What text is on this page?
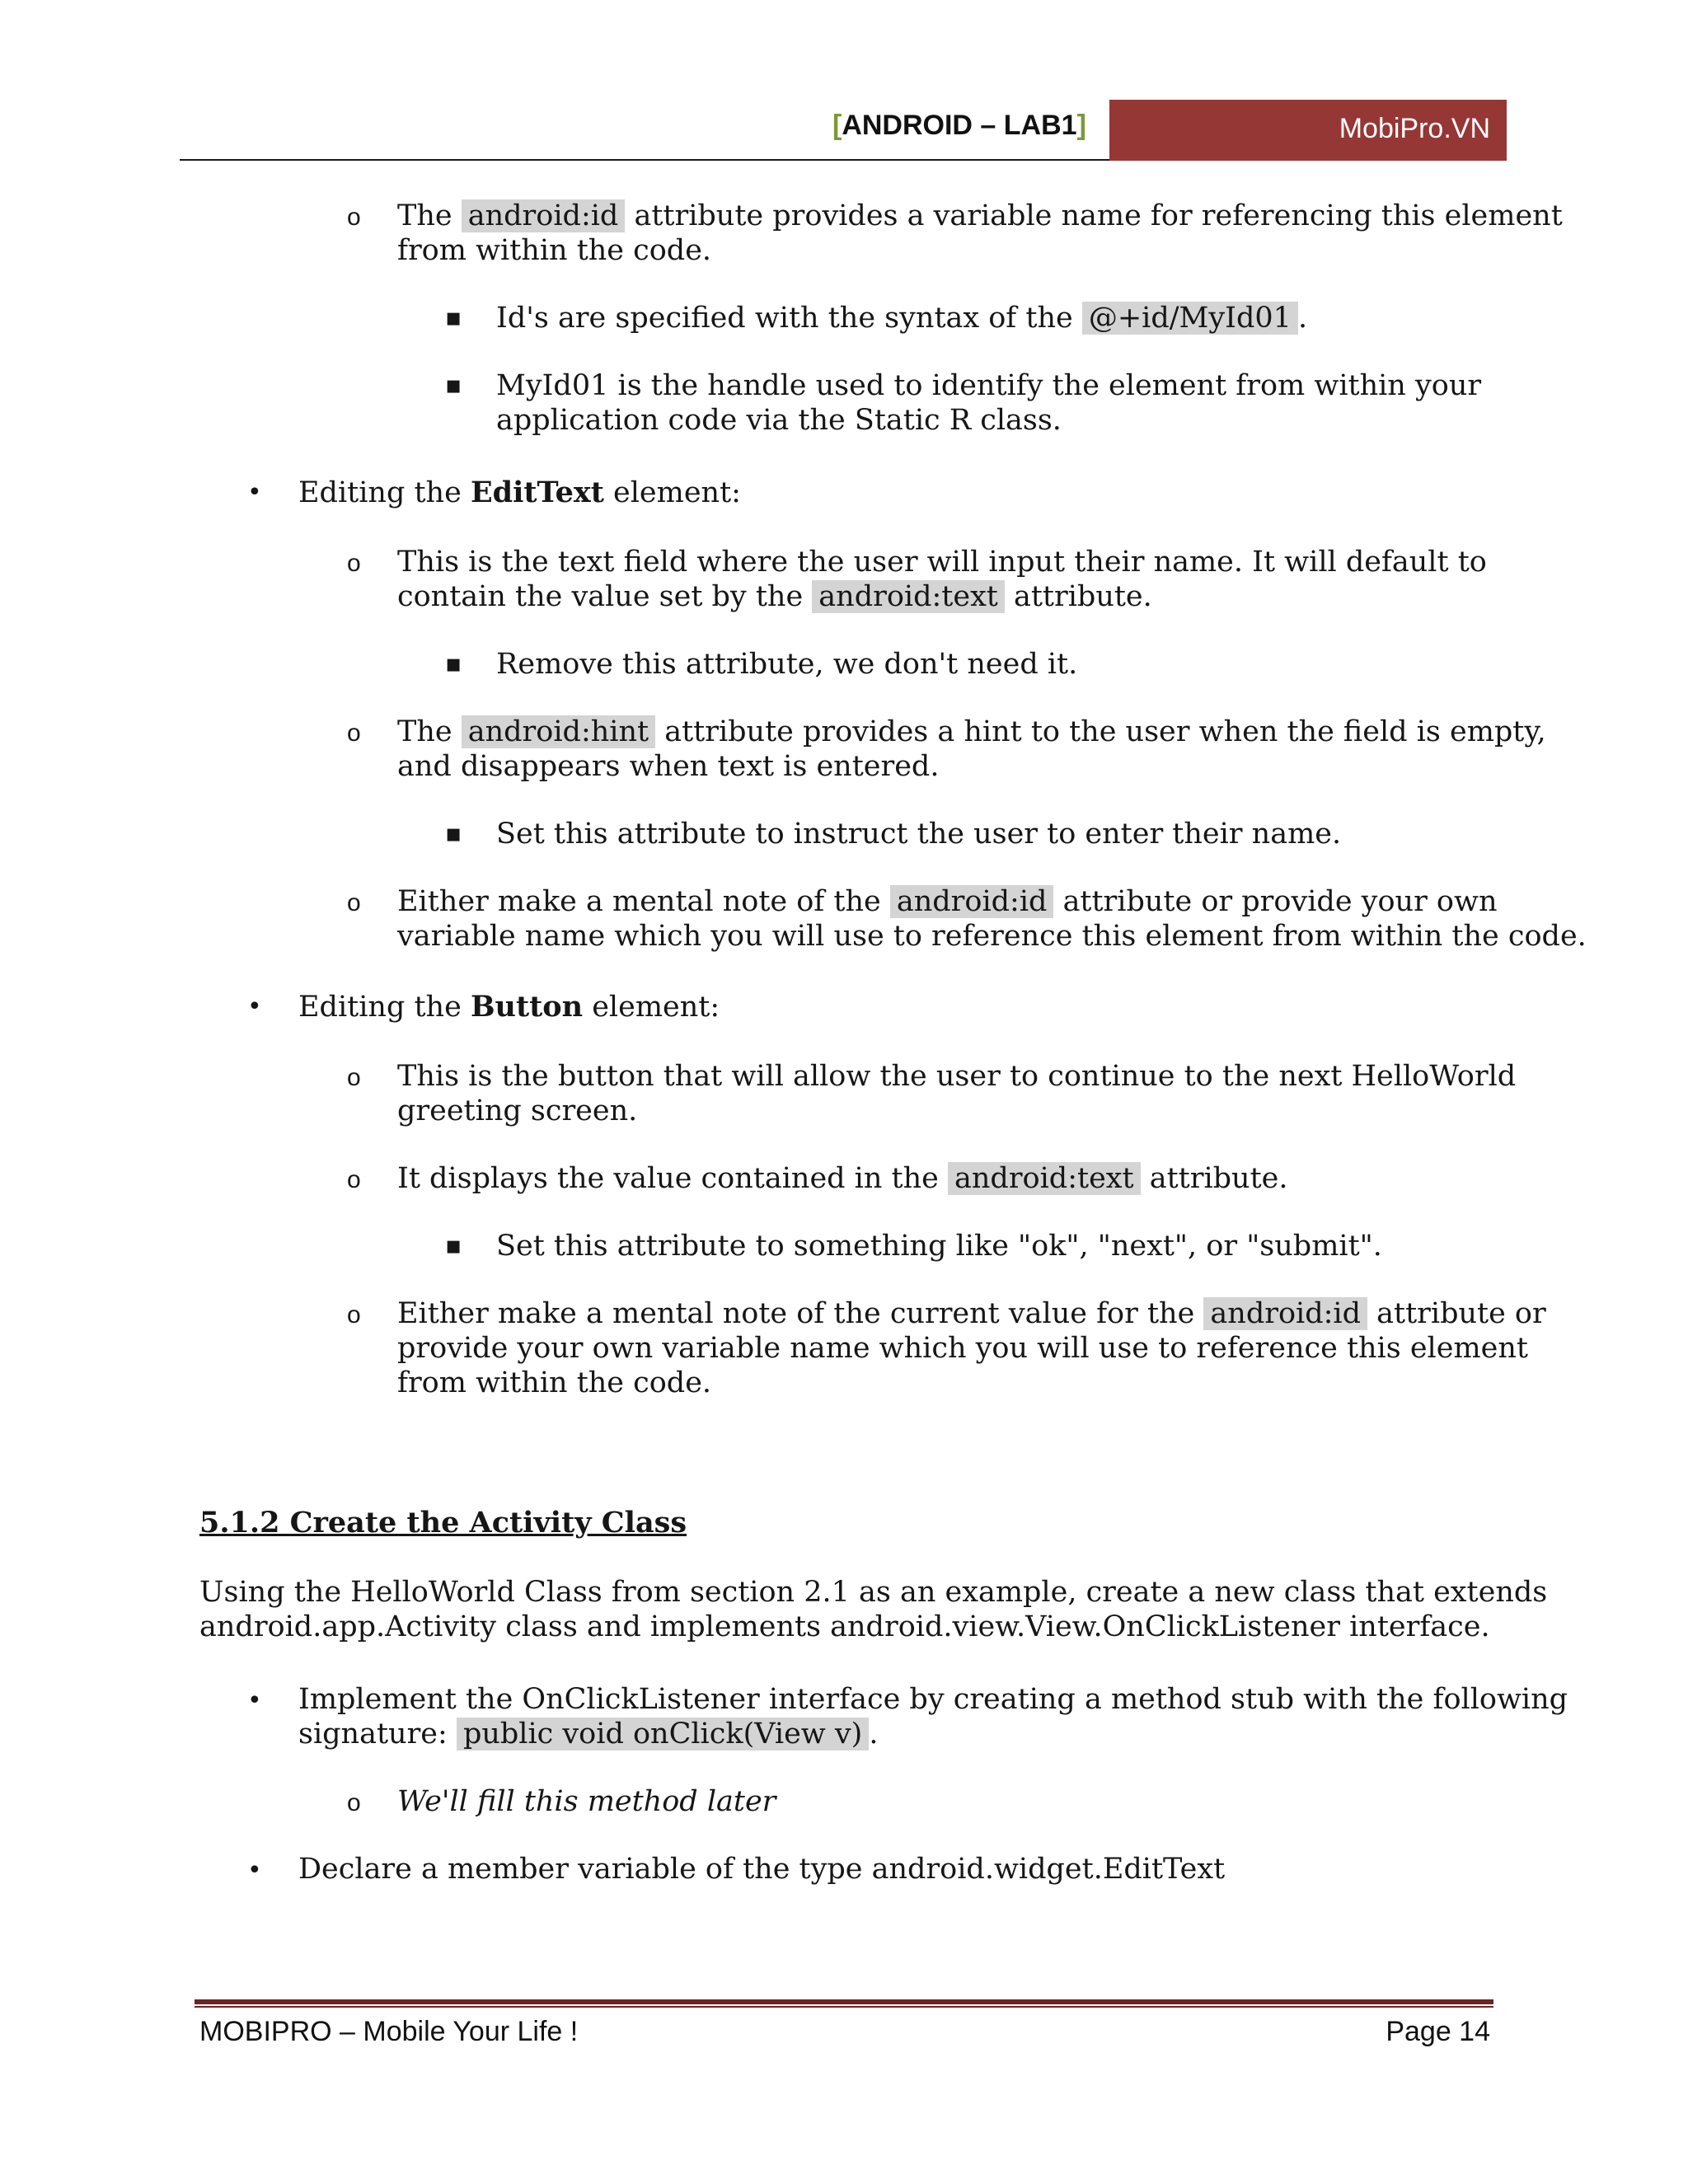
[ANDROID – LAB1]	MobiPro.VN
o The android:id attribute provides a variable name for referencing this element
from within the code.
▪ Id's are specified with the syntax of the @+id/MyId01 .
▪ MyId01 is the handle used to identify the element from within your
application code via the Static R class.
• Editing the EditText element:
o This is the text field where the user will input their name. It will default to
contain the value set by the android:text attribute.
▪ Remove this attribute, we don't need it.
o The android:hint attribute provides a hint to the user when the field is empty,
and disappears when text is entered.
▪ Set this attribute to instruct the user to enter their name.
o Either make a mental note of the android:id attribute or provide your own
variable name which you will use to reference this element from within the code.
• Editing the Button element:
o This is the button that will allow the user to continue to the next HelloWorld
greeting screen.
o It displays the value contained in the android:text attribute.
▪ Set this attribute to something like "ok", "next", or "submit".
o Either make a mental note of the current value for the android:id attribute or
provide your own variable name which you will use to reference this element
from within the code.
5.1.2 Create the Activity Class
Using the HelloWorld Class from section 2.1 as an example, create a new class that extends
android.app.Activity class and implements android.view.View.OnClickListener interface.
• Implement the OnClickListener interface by creating a method stub with the following
signature: public void onClick(View v) .
o We'll fill this method later
• Declare a member variable of the type android.widget.EditText
MOBIPRO – Mobile Your Life !	Page 14
